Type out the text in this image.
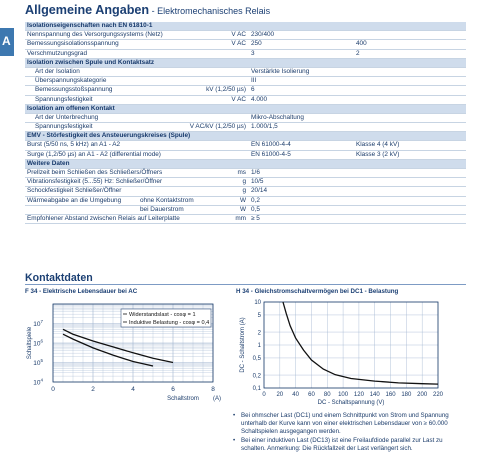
A
Allgemeine Angaben - Elektromechanisches Relais
Isolationseigenschaften nach EN 61810-1
Nennspannung des Versorgungssystems (Netz)	V AC 230/400
Bemessungsisolationsspannung	V AC 250	400
Verschmutzungsgrad	3	2
Isolation zwischen Spule und Kontaktsatz
Art der Isolation	Verstärkte Isolierung
Überspannungskategorie	III
Bemessungsstoßspannung	kV (1,2/50 µs) 6
Spannungsfestigkeit	V AC 4.000
Isolation am offenen Kontakt
Art der Unterbrechung	Mikro-Abschaltung
Spannungsfestigkeit	V AC/kV (1,2/50 µs) 1.000/1,5
EMV - Störfestigkeit des Ansteuerungskreises (Spule)
Burst (5/50 ns, 5 kHz) an A1 - A2	EN 61000-4-4	Klasse 4 (4 kV)
Surge (1,2/50 µs) an A1 - A2 (differential mode)	EN 61000-4-5	Klasse 3 (2 kV)
Weitere Daten
Prellzeit beim Schließen des Schließers/Öffners	ms 1/6
Vibrationsfestigkeit (5...55) Hz: Schließer/Öffner	g 10/5
Schockfestigkeit Schließer/Öffner	g 20/14
Wärmeabgabe an die Umgebung	ohne Kontaktstrom	W 0,2
bei Dauerstrom	W 0,5
Empfohlener Abstand zwischen Relais auf Leiterplatte	mm ≥ 5
Kontaktdaten
F 34 - Elektrische Lebensdauer bei AC	H 34 - Gleichstromschaltvermögen bei DC1 - Belastung
$10^4$
$10^5$
$10^6$
$10^7$
0	2	4	6	8
Schaltstrom (A)
Schaltspiele
Widerstandslast - cosφ = 1
Induktive Belastung - cosφ = 0,4
0,1
0,2
0,5
1
2
5
10
0 20 40 60 80 100 120 140 160 180 200 220
DC - Schaltspannung (V)
DC - Schaltstrom (A)
• Bei ohmscher Last (DC1) und einem Schnittpunkt von Strom und Spannung unterhalb der Kurve kann von einer elektrischen Lebensdauer von ≥ 60.000 Schaltspielen ausgegangen werden.
• Bei einer induktiven Last (DC13) ist eine Freilaufdiode parallel zur Last zu schalten. Anmerkung: Die Rückfallzeit der Last verlängert sich.
